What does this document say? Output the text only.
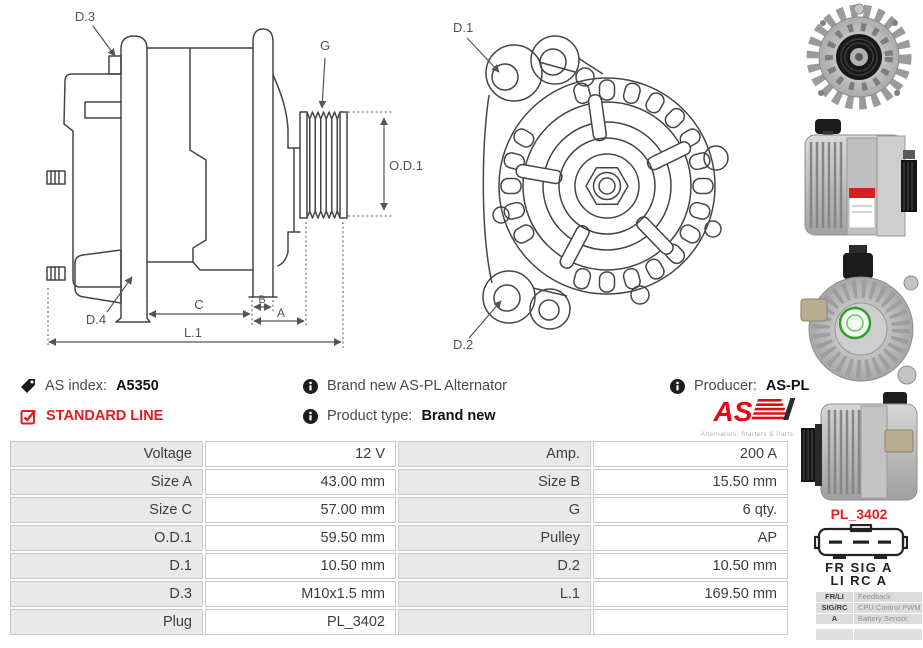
D.3
G
O.D.1
D.4
C	B
A
L.1
D.1
D.2
AS index: A5350	Brand new AS-PL Alternator	Producer: AS-PL
STANDARD LINE	Product type: Brand new	AS
Alternators, Starters & Parts
Voltage	12 V	Amp.	200 A
Size A	43.00 mm	Size B	15.50 mm
Size C	57.00 mm	G	6 qty.
O.D.1	59.50 mm	Pulley	AP
D.1	10.50 mm	D.2	10.50 mm
D.3	M10x1.5 mm	L.1	169.50 mm
Plug	PL_3402
PL_3402
FR SIG A
LI RC A
FR/LI	Feedback
SIG/RC	CPU Control PWM
A	Battery Sensor
